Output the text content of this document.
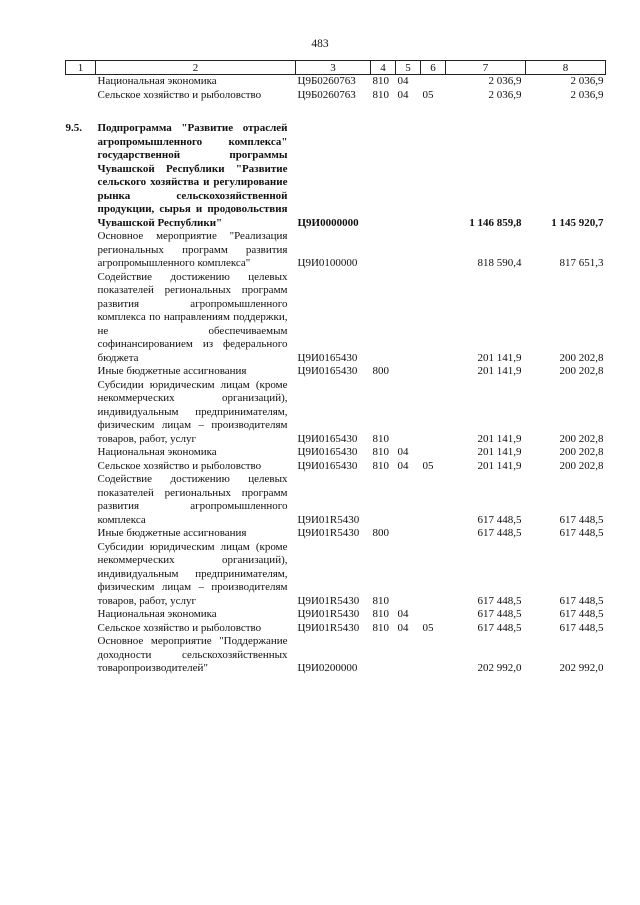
483
1	2	3	4	5	6	7	8
	Национальная экономика	Ц9Б0260763	810	04		2 036,9	2 036,9
	Сельское хозяйство и рыболовство	Ц9Б0260763	810	04	05	2 036,9	2 036,9
9.5.	Подпрограмма "Развитие отраслей агропромышленного комплекса" государственной программы Чувашской Республики "Развитие сельского хозяйства и регулирование рынка сельскохозяйственной продукции, сырья и продовольствия Чувашской Республики"	Ц9И0000000				1 146 859,8	1 145 920,7
	Основное мероприятие "Реализация региональных программ развития агропромышленного комплекса"	Ц9И0100000				818 590,4	817 651,3
	Содействие достижению целевых показателей региональных программ развития агропромышленного комплекса по направлениям поддержки, не обеспечиваемым софинансированием из федерального бюджета	Ц9И0165430				201 141,9	200 202,8
	Иные бюджетные ассигнования	Ц9И0165430	800			201 141,9	200 202,8
	Субсидии юридическим лицам (кроме некоммерческих организаций), индивидуальным предпринимателям, физическим лицам – производителям товаров, работ, услуг	Ц9И0165430	810			201 141,9	200 202,8
	Национальная экономика	Ц9И0165430	810	04		201 141,9	200 202,8
	Сельское хозяйство и рыболовство	Ц9И0165430	810	04	05	201 141,9	200 202,8
	Содействие достижению целевых показателей региональных программ развития агропромышленного комплекса	Ц9И01R5430				617 448,5	617 448,5
	Иные бюджетные ассигнования	Ц9И01R5430	800			617 448,5	617 448,5
	Субсидии юридическим лицам (кроме некоммерческих организаций), индивидуальным предпринимателям, физическим лицам – производителям товаров, работ, услуг	Ц9И01R5430	810			617 448,5	617 448,5
	Национальная экономика	Ц9И01R5430	810	04		617 448,5	617 448,5
	Сельское хозяйство и рыболовство	Ц9И01R5430	810	04	05	617 448,5	617 448,5
	Основное мероприятие "Поддержание доходности сельскохозяйственных товаропроизводителей"	Ц9И0200000				202 992,0	202 992,0
